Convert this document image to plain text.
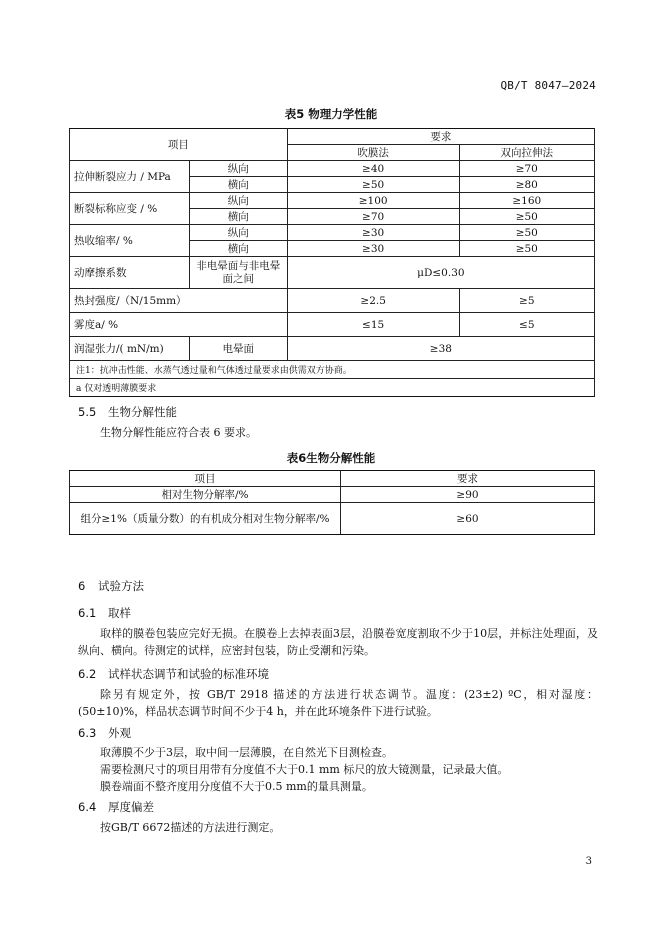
QB/T 8047—2024
表5 物理力学性能
项目		要求	
		吹膜法	双向拉伸法
拉伸断裂应力 / MPa	纵向	≥40	≥70
	横向	≥50	≥80
断裂标称应变 / %	纵向	≥100	≥160
	横向	≥70	≥50
热收缩率/ %	纵向	≥30	≥50
	横向	≥30	≥50
动摩擦系数	非电晕面与非电晕面之间	μD≤0.30	
热封强度/（N/15mm）		≥2.5	≥5
雾度a/ %		≤15	≤5
润湿张力/( mN/m)	电晕面	≥38	
注1：抗冲击性能、水蒸气透过量和气体透过量要求由供需双方协商。			
a 仅对透明薄膜要求			
5.5 生物分解性能
生物分解性能应符合表 6 要求。
表6生物分解性能
项目	要求
相对生物分解率/%	≥90
组分≥1%（质量分数）的有机成分相对生物分解率/%	≥60
6 试验方法
6.1 取样
取样的膜卷包装应完好无损。在膜卷上去掉表面3层，沿膜卷宽度割取不少于10层，并标注处理面，及纵向、横向。待测定的试样，应密封包装，防止受潮和污染。
6.2 试样状态调节和试验的标准环境
除另有规定外，按 GB/T 2918 描述的方法进行状态调节。温度：(23±2) ºC，相对湿度：(50±10)%，样品状态调节时间不少于4 h，并在此环境条件下进行试验。
6.3 外观
取薄膜不少于3层，取中间一层薄膜，在自然光下目测检查。
需要检测尺寸的项目用带有分度值不大于0.1 mm 标尺的放大镜测量，记录最大值。
膜卷端面不整齐度用分度值不大于0.5 mm的量具测量。
6.4 厚度偏差
按GB/T 6672描述的方法进行测定。
3
